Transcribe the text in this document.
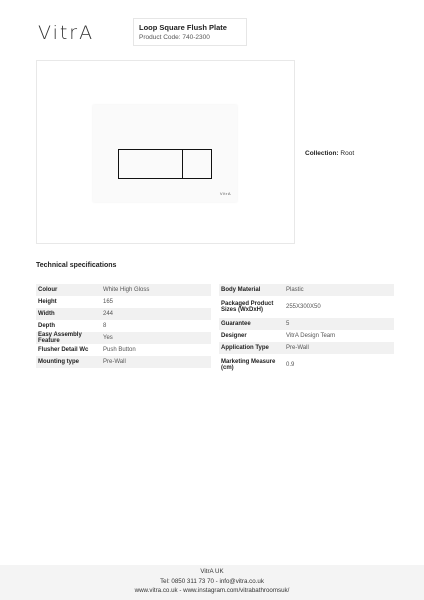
VitrA	Loop Square Flush Plate
Product Code: 740-2300
VitrA
Collection: Root
Technical specifications
Colour	White High Gloss
Height	165
Width	244
Depth	8
Easy Assembly Feature	Yes
Flusher Detail Wc	Push Button
Mounting type	Pre-Wall
Body Material	Plastic
Packaged Product Sizes (WxDxH)	255X300X50
Guarantee	5
Designer	VitrA Design Team
Application Type	Pre-Wall
Marketing Measure (cm)	0.9
VitrA UK
Tel: 0850 311 73 70 - info@vitra.co.uk
www.vitra.co.uk - www.instagram.com/vitrabathroomsuk/
